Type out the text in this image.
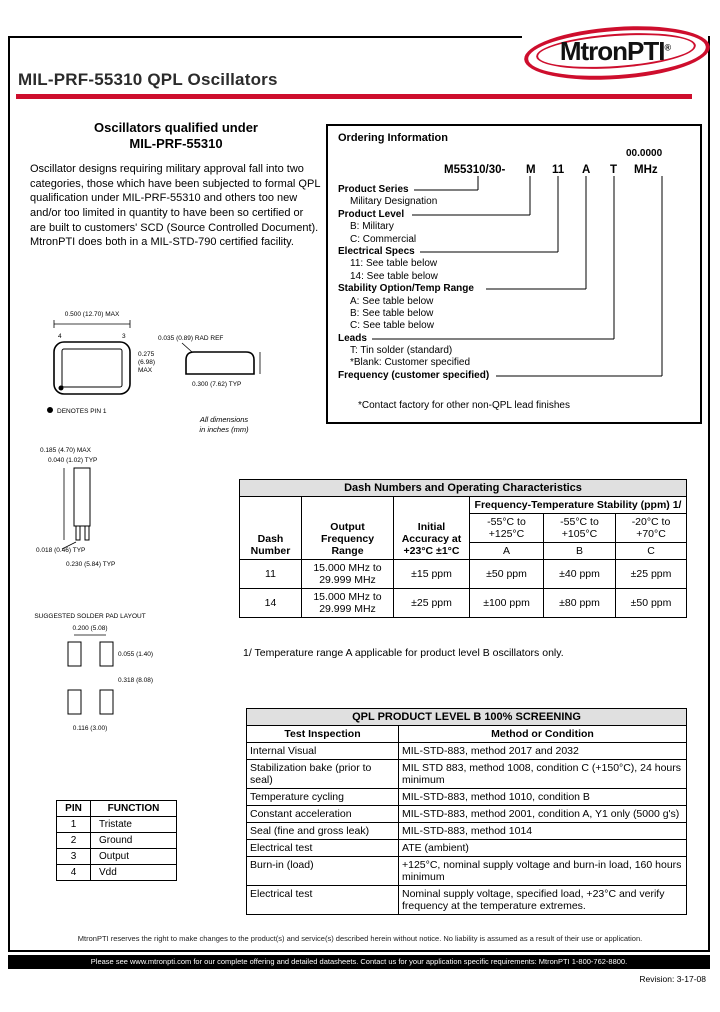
MtronPTI®
MIL-PRF-55310 QPL Oscillators
Oscillators qualified under
MIL-PRF-55310

Oscillator designs requiring military approval fall into two categories, those which have been subjected to formal QPL qualification under MIL-PRF-55310 and others too new and/or too limited in quantity to have been so certified or are built to customers' SCD (Source Controlled Document). MtronPTI does both in a MIL-STD-790 certified facility.

Ordering Information
00.0000
M55310/30- M 11 A T MHz
Product Series
Military Designation
Product Level
B: Military
C: Commercial
Electrical Specs
11: See table below
14: See table below
Stability Option/Temp Range
A: See table below
B: See table below
C: See table below
Leads
T: Tin solder (standard)
*Blank: Customer specified
Frequency (customer specified)
*Contact factory for other non-QPL lead finishes
0.500 (12.70) MAX
4	3
0.275
(6.98)
MAX
DENOTES PIN 1
0.035 (0.89) RAD REF
0.300 (7.62) TYP
All dimensions
in inches (mm)
0.185 (4.70) MAX
0.040 (1.02) TYP
0.018 (0.46) TYP
0.230 (5.84) TYP
SUGGESTED SOLDER PAD LAYOUT
0.200 (5.08)
0.055 (1.40)
0.318 (8.08)
0.116 (3.00)
Dash Numbers and Operating Characteristics					
Dash Number	Output Frequency Range	Initial Accuracy at +23°C ±1°C	Frequency-Temperature Stability (ppm) 1/		
			-55°C to +125°C	-55°C to +105°C	-20°C to +70°C
			A	B	C
11	15.000 MHz to 29.999 MHz	±15 ppm	±50 ppm	±40 ppm	±25 ppm
14	15.000 MHz to 29.999 MHz	±25 ppm	±100 ppm	±80 ppm	±50 ppm
1/ Temperature range A applicable for product level B oscillators only.
PIN	FUNCTION
1	Tristate
2	Ground
3	Output
4	Vdd
QPL PRODUCT LEVEL B 100% SCREENING	
Test Inspection	Method or Condition
Internal Visual	MIL-STD-883, method 2017 and 2032
Stabilization bake (prior to seal)	MIL STD 883, method 1008, condition C (+150°C), 24 hours minimum
Temperature cycling	MIL-STD-883, method 1010, condition B
Constant acceleration	MIL-STD-883, method 2001, condition A, Y1 only (5000 g's)
Seal (fine and gross leak)	MIL-STD-883, method 1014
Electrical test	ATE (ambient)
Burn-in (load)	+125°C, nominal supply voltage and burn-in load, 160 hours minimum
Electrical test	Nominal supply voltage, specified load, +23°C and verify frequency at the temperature extremes.
MtronPTI reserves the right to make changes to the product(s) and service(s) described herein without notice. No liability is assumed as a result of their use or application.
Please see www.mtronpti.com for our complete offering and detailed datasheets. Contact us for your application specific requirements: MtronPTI 1-800-762-8800.
Revision: 3-17-08
